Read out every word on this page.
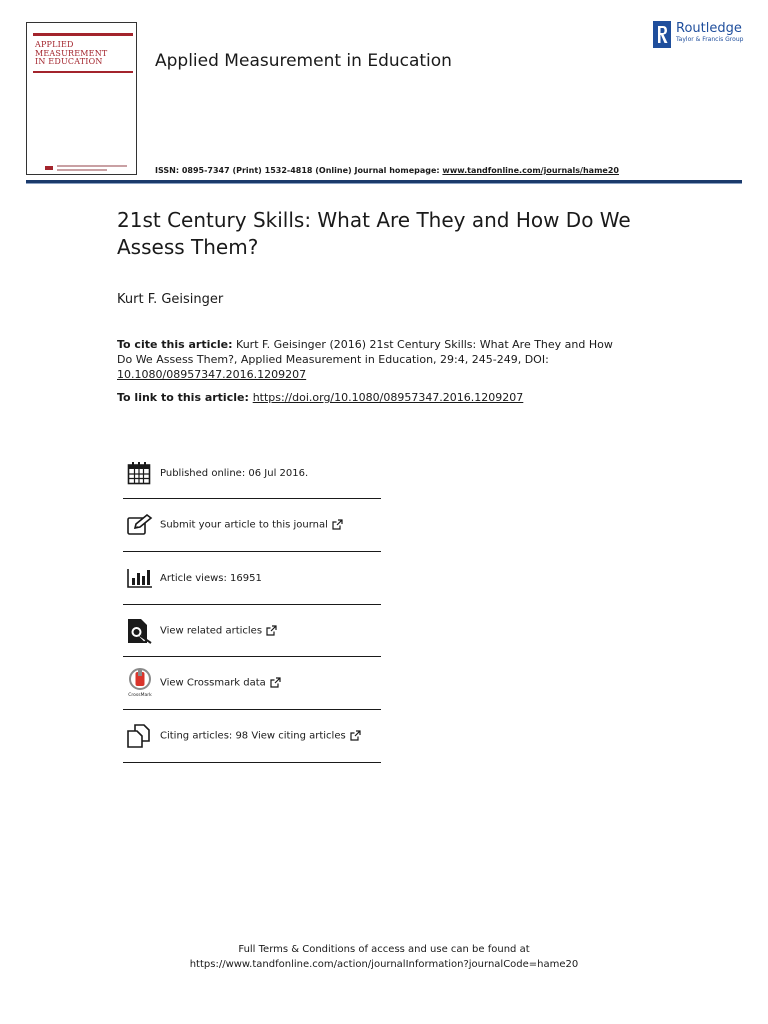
APPLIED
MEASUREMENT
IN EDUCATION	Applied Measurement in Education
Routledge
Taylor & Francis Group
ISSN: 0895-7347 (Print) 1532-4818 (Online) Journal homepage: www.tandfonline.com/journals/hame20
21st Century Skills: What Are They and How Do We Assess Them?
Kurt F. Geisinger
To cite this article: Kurt F. Geisinger (2016) 21st Century Skills: What Are They and How Do We Assess Them?, Applied Measurement in Education, 29:4, 245-249, DOI: 10.1080/08957347.2016.1209207
To link to this article: https://doi.org/10.1080/08957347.2016.1209207
Published online: 06 Jul 2016.
Submit your article to this journal
Article views: 16951
View related articles
CrossMark
View Crossmark data
Citing articles: 98 View citing articles
Full Terms & Conditions of access and use can be found at
https://www.tandfonline.com/action/journalInformation?journalCode=hame20
